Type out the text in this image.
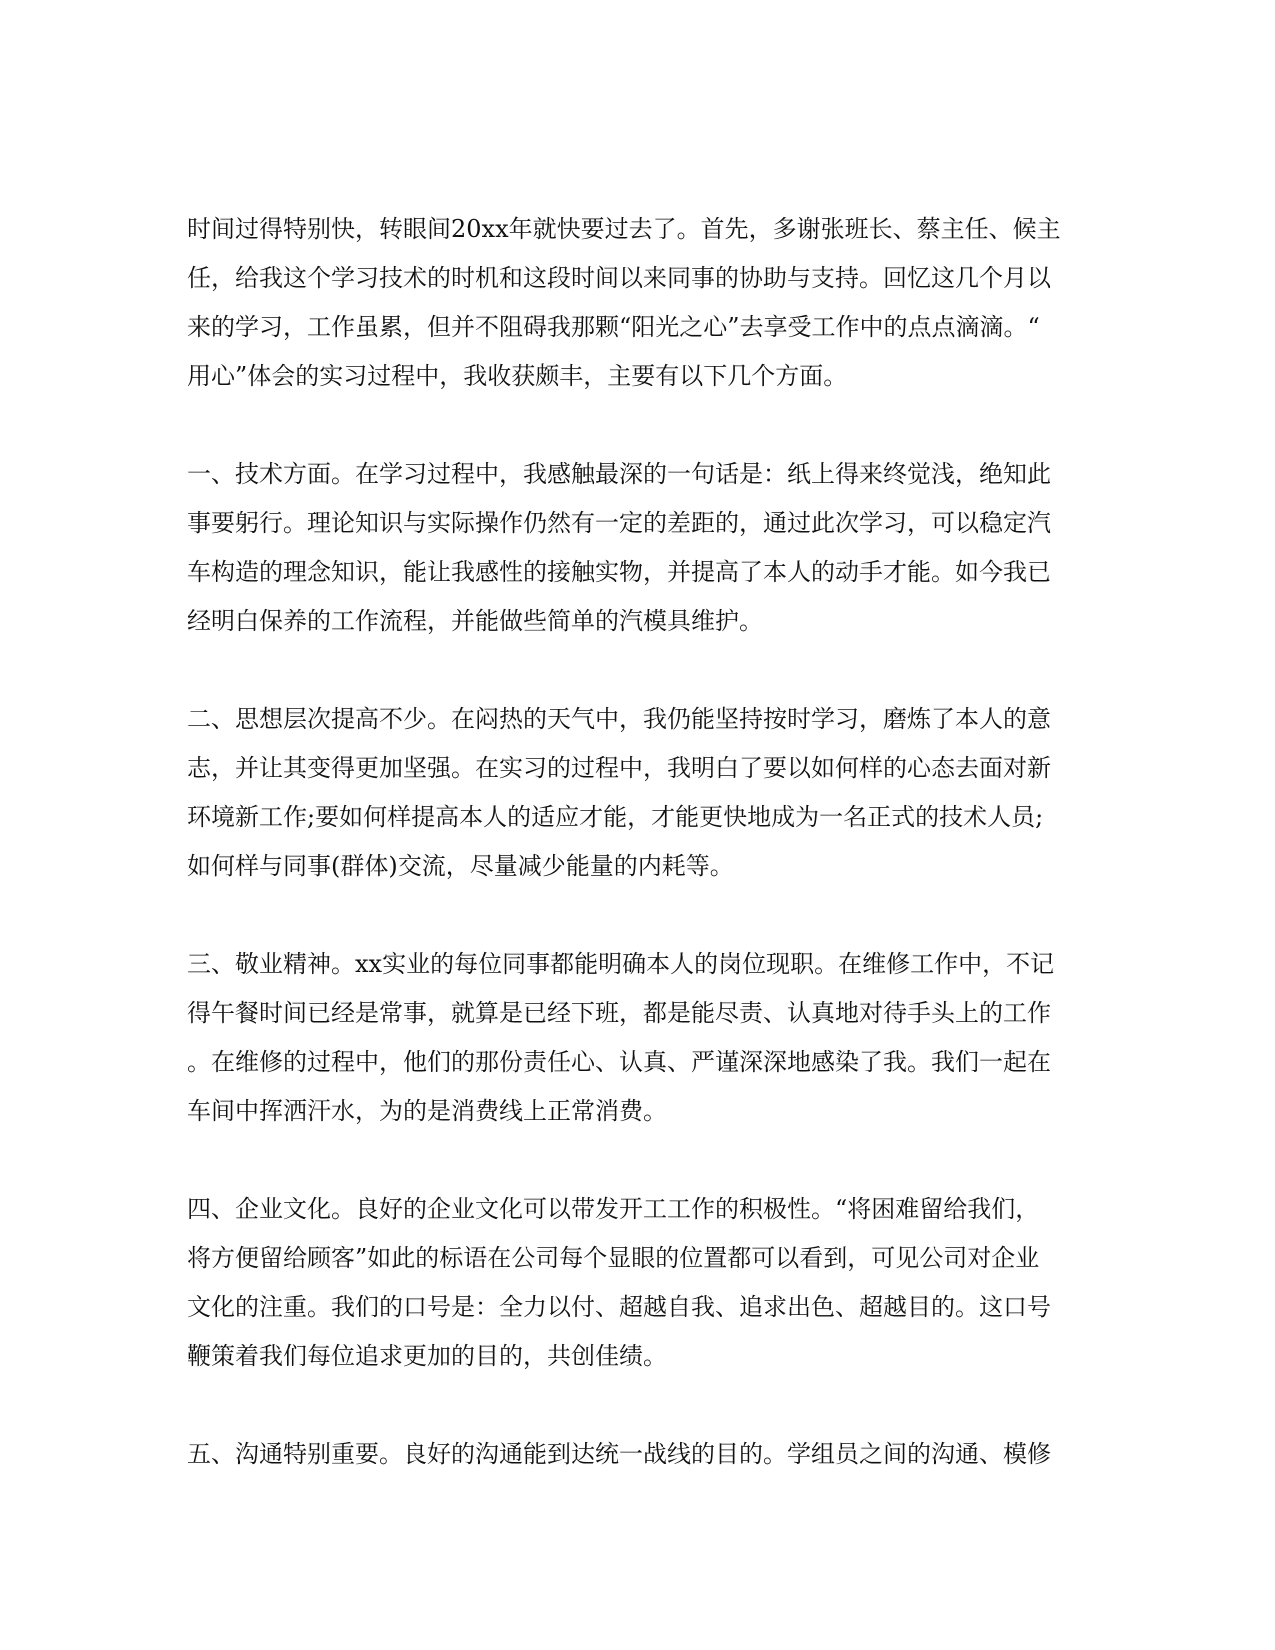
时间过得特别快，转眼间20xx年就快要过去了。首先，多谢张班长、蔡主任、候主
任，给我这个学习技术的时机和这段时间以来同事的协助与支持。回忆这几个月以
来的学习，工作虽累，但并不阻碍我那颗“阳光之心”去享受工作中的点点滴滴。“
用心”体会的实习过程中，我收获颇丰，主要有以下几个方面。

一、技术方面。在学习过程中，我感触最深的一句话是：纸上得来终觉浅，绝知此
事要躬行。理论知识与实际操作仍然有一定的差距的，通过此次学习，可以稳定汽
车构造的理念知识，能让我感性的接触实物，并提高了本人的动手才能。如今我已
经明白保养的工作流程，并能做些简单的汽模具维护。

二、思想层次提高不少。在闷热的天气中，我仍能坚持按时学习，磨炼了本人的意
志，并让其变得更加坚强。在实习的过程中，我明白了要以如何样的心态去面对新
环境新工作;要如何样提高本人的适应才能，才能更快地成为一名正式的技术人员;
如何样与同事(群体)交流，尽量减少能量的内耗等。

三、敬业精神。xx实业的每位同事都能明确本人的岗位现职。在维修工作中，不记
得午餐时间已经是常事，就算是已经下班，都是能尽责、认真地对待手头上的工作
。在维修的过程中，他们的那份责任心、认真、严谨深深地感染了我。我们一起在
车间中挥洒汗水，为的是消费线上正常消费。

四、企业文化。良好的企业文化可以带发开工工作的积极性。“将困难留给我们，
将方便留给顾客”如此的标语在公司每个显眼的位置都可以看到，可见公司对企业
文化的注重。我们的口号是：全力以付、超越自我、追求出色、超越目的。这口号
鞭策着我们每位追求更加的目的，共创佳绩。

五、沟通特别重要。良好的沟通能到达统一战线的目的。学组员之间的沟通、模修
